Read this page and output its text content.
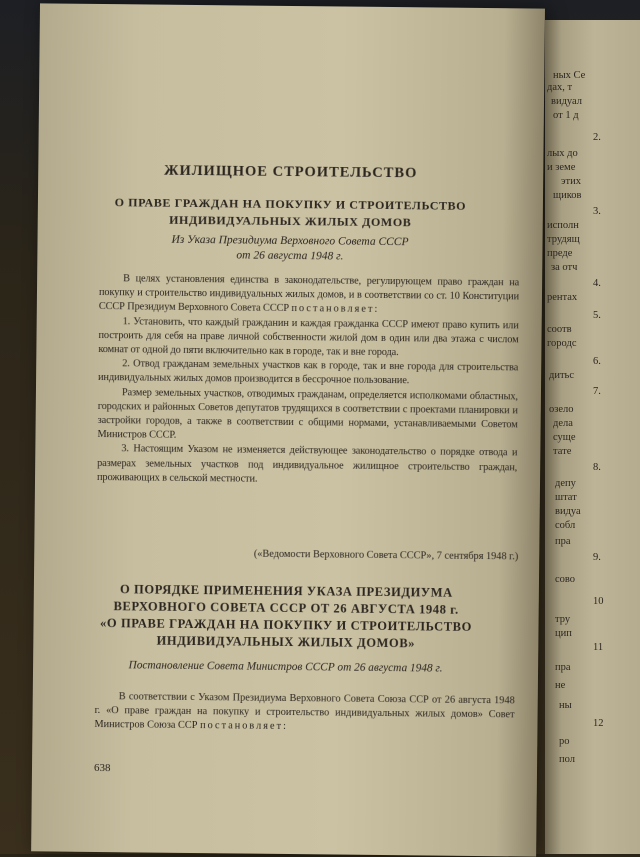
ЖИЛИЩНОЕ СТРОИТЕЛЬСТВО
О ПРАВЕ ГРАЖДАН НА ПОКУПКУ И СТРОИТЕЛЬСТВО
ИНДИВИДУАЛЬНЫХ ЖИЛЫХ ДОМОВ
Из Указа Президиума Верховного Совета СССР
от 26 августа 1948 г.

В целях установления единства в законодательстве, регулирующем право граждан на покупку и строительство индивидуальных жилых домов, и в соответствии со ст. 10 Конституции СССР Президиум Верховного Совета СССР постановляет:

1. Установить, что каждый гражданин и каждая гражданка СССР имеют право купить или построить для себя на праве личной собственности жилой дом в один или два этажа с числом комнат от одной до пяти включительно как в городе, так и вне города.

2. Отвод гражданам земельных участков как в городе, так и вне города для строительства индивидуальных жилых домов производится в бессрочное пользование.

Размер земельных участков, отводимых гражданам, определяется исполкомами областных, городских и районных Советов депутатов трудящихся в соответствии с проектами планировки и застройки городов, а также в соответствии с общими нормами, устанавливаемыми Советом Министров СССР.

3. Настоящим Указом не изменяется действующее законодательство о порядке отвода и размерах земельных участков под индивидуальное жилищное строительство граждан, проживающих в сельской местности.

(«Ведомости Верховного Совета СССР», 7 сентября 1948 г.)
О ПОРЯДКЕ ПРИМЕНЕНИЯ УКАЗА ПРЕЗИДИУМА
ВЕРХОВНОГО СОВЕТА СССР ОТ 26 АВГУСТА 1948 г.
«О ПРАВЕ ГРАЖДАН НА ПОКУПКУ И СТРОИТЕЛЬСТВО
ИНДИВИДУАЛЬНЫХ ЖИЛЫХ ДОМОВ»
Постановление Совета Министров СССР от 26 августа 1948 г.

В соответствии с Указом Президиума Верховного Совета Союза ССР от 26 августа 1948 г. «О праве граждан на покупку и строительство индивидуальных жилых домов» Совет Министров Союза ССР постановляет:

638
ных Се
дах, т
видуал
от 1 д
2.
лых до
и земе
этих
щиков
3.
исполн
трудящ
преде
за отч
4.
рентах
5.
соотв
городс
6.
дитьс
7.
озело
дела
суще
тате
8.
депу
штат
видуа
собл
пра
9.
сово
10
тру
цип
11
пра
не
ны
12
ро
пол
